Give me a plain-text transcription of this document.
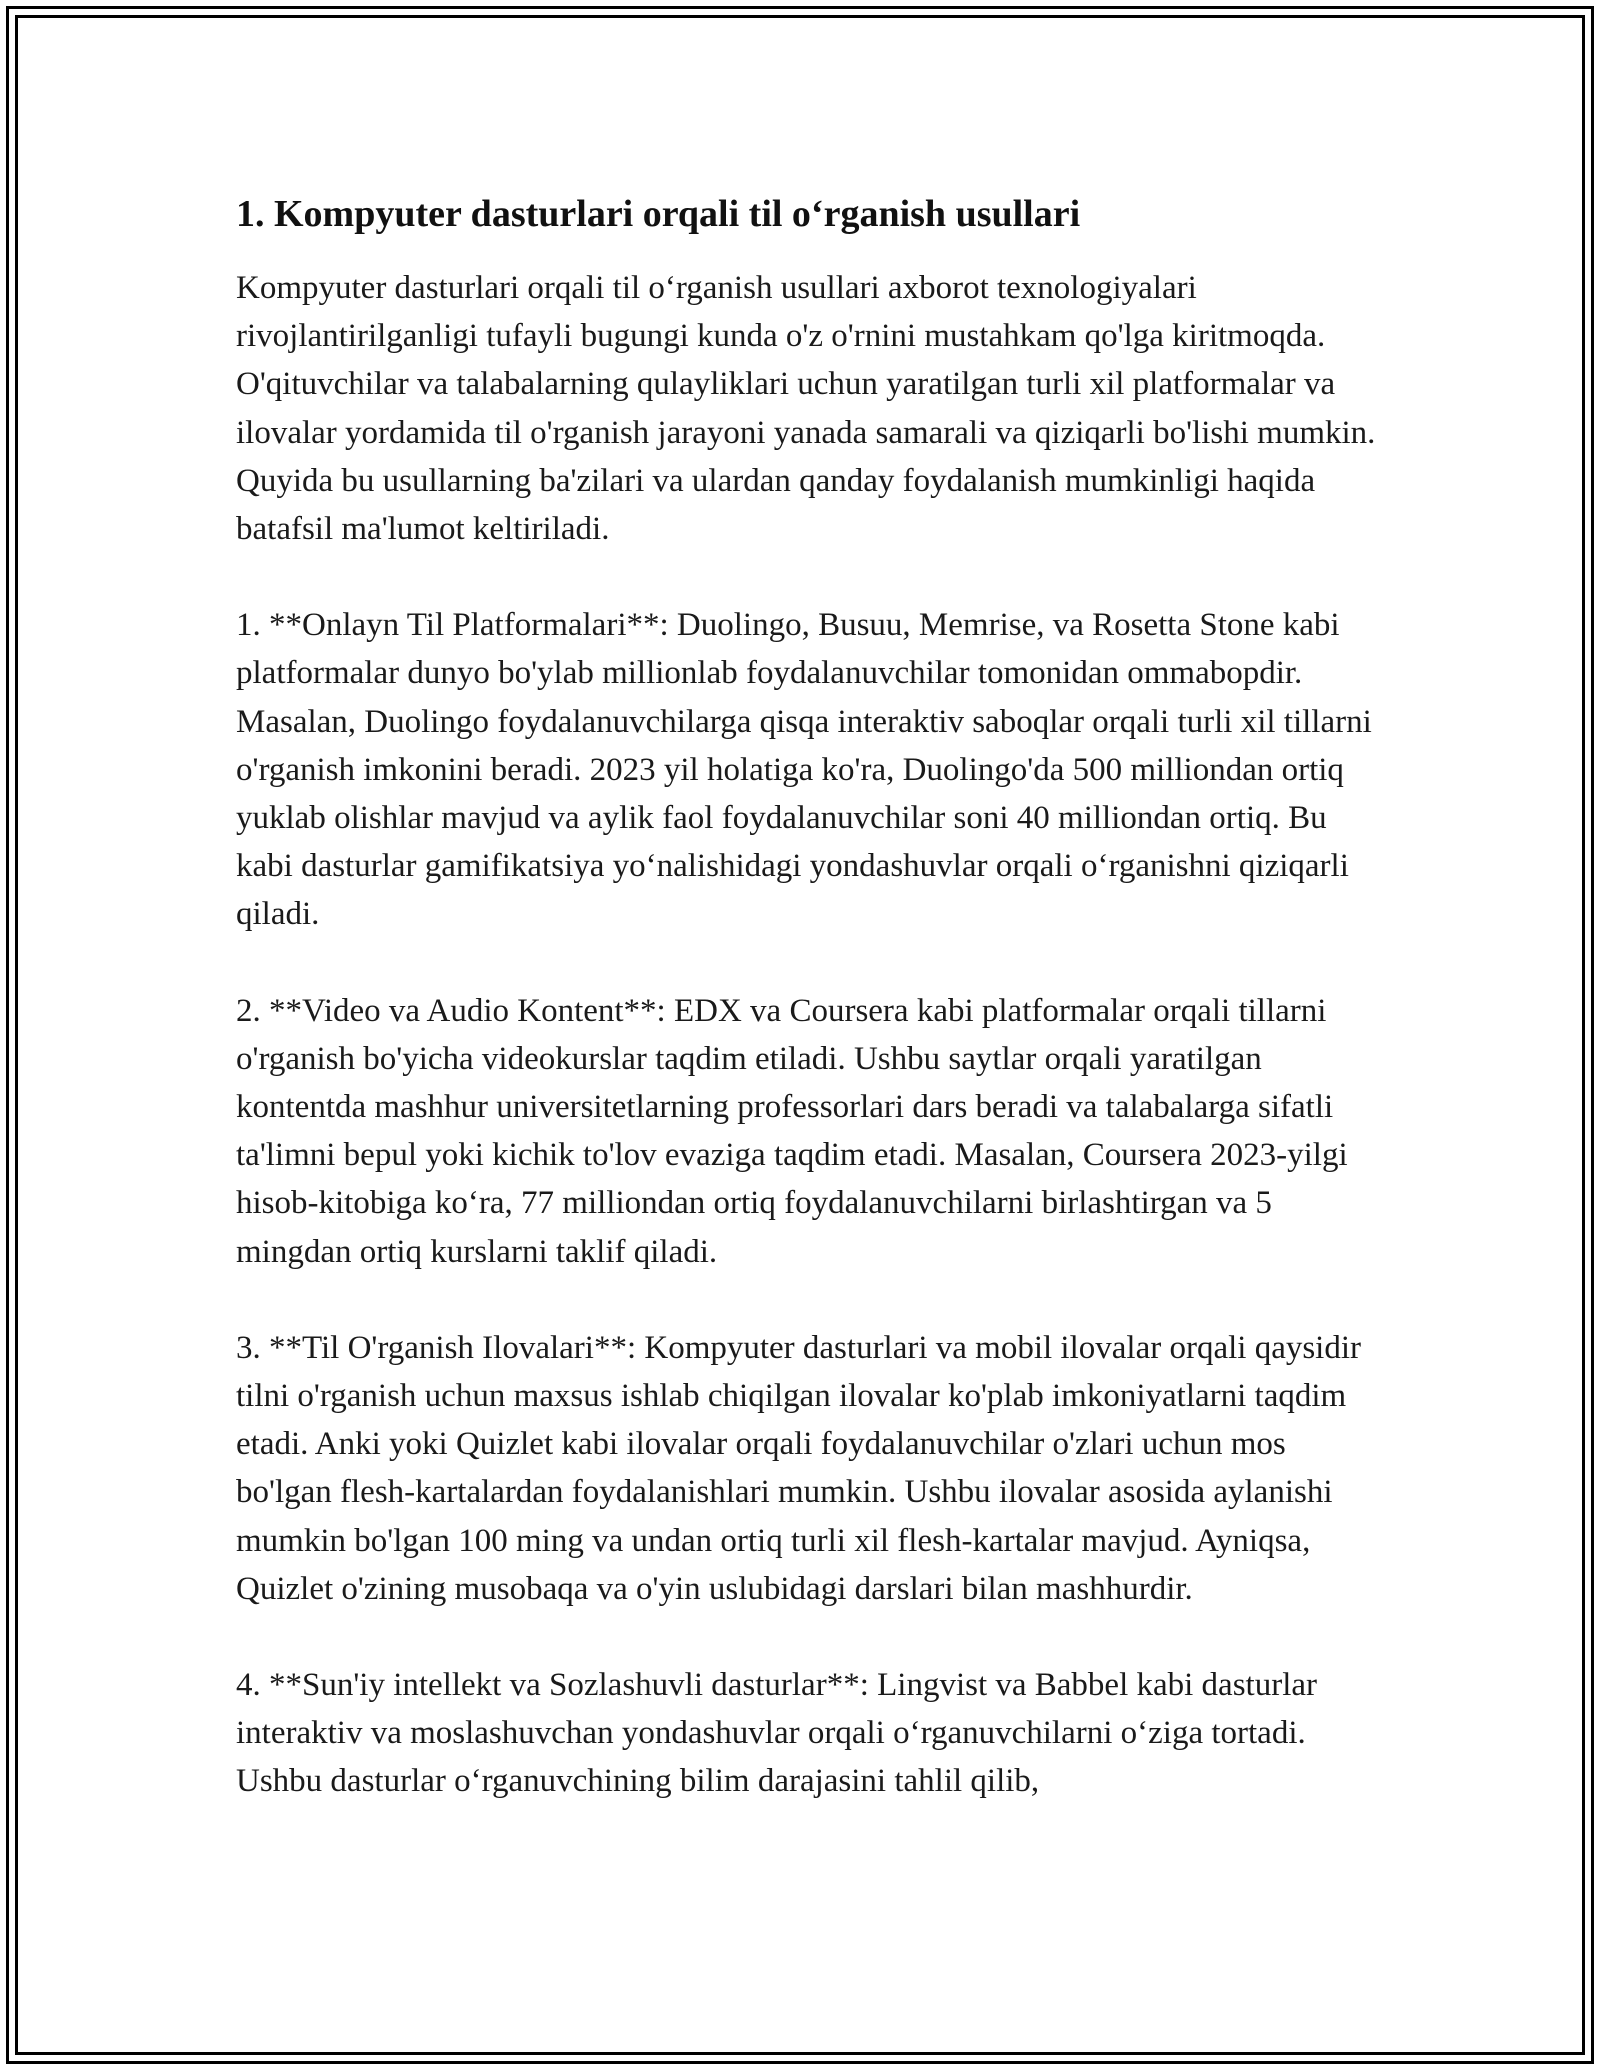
1. Kompyuter dasturlari orqali til o‘rganish usullari

Kompyuter dasturlari orqali til o‘rganish usullari axborot texnologiyalari rivojlantirilganligi tufayli bugungi kunda o'z o'rnini mustahkam qo'lga kiritmoqda. O'qituvchilar va talabalarning qulayliklari uchun yaratilgan turli xil platformalar va ilovalar yordamida til o'rganish jarayoni yanada samarali va qiziqarli bo'lishi mumkin. Quyida bu usullarning ba'zilari va ulardan qanday foydalanish mumkinligi haqida batafsil ma'lumot keltiriladi.

1. **Onlayn Til Platformalari**: Duolingo, Busuu, Memrise, va Rosetta Stone kabi platformalar dunyo bo'ylab millionlab foydalanuvchilar tomonidan ommabopdir. Masalan, Duolingo foydalanuvchilarga qisqa interaktiv saboqlar orqali turli xil tillarni o'rganish imkonini beradi. 2023 yil holatiga ko'ra, Duolingo'da 500 milliondan ortiq yuklab olishlar mavjud va aylik faol foydalanuvchilar soni 40 milliondan ortiq. Bu kabi dasturlar gamifikatsiya yo‘nalishidagi yondashuvlar orqali o‘rganishni qiziqarli qiladi.

2. **Video va Audio Kontent**: EDX va Coursera kabi platformalar orqali tillarni o'rganish bo'yicha videokurslar taqdim etiladi. Ushbu saytlar orqali yaratilgan kontentda mashhur universitetlarning professorlari dars beradi va talabalarga sifatli ta'limni bepul yoki kichik to'lov evaziga taqdim etadi. Masalan, Coursera 2023-yilgi hisob-kitobiga ko‘ra, 77 milliondan ortiq foydalanuvchilarni birlashtirgan va 5 mingdan ortiq kurslarni taklif qiladi.

3. **Til O'rganish Ilovalari**: Kompyuter dasturlari va mobil ilovalar orqali qaysidir tilni o'rganish uchun maxsus ishlab chiqilgan ilovalar ko'plab imkoniyatlarni taqdim etadi. Anki yoki Quizlet kabi ilovalar orqali foydalanuvchilar o'zlari uchun mos bo'lgan flesh-kartalardan foydalanishlari mumkin. Ushbu ilovalar asosida aylanishi mumkin bo'lgan 100 ming va undan ortiq turli xil flesh-kartalar mavjud. Ayniqsa, Quizlet o'zining musobaqa va o'yin uslubidagi darslari bilan mashhurdir.

4. **Sun'iy intellekt va Sozlashuvli dasturlar**: Lingvist va Babbel kabi dasturlar interaktiv va moslashuvchan yondashuvlar orqali o‘rganuvchilarni o‘ziga tortadi. Ushbu dasturlar o‘rganuvchining bilim darajasini tahlil qilib,
